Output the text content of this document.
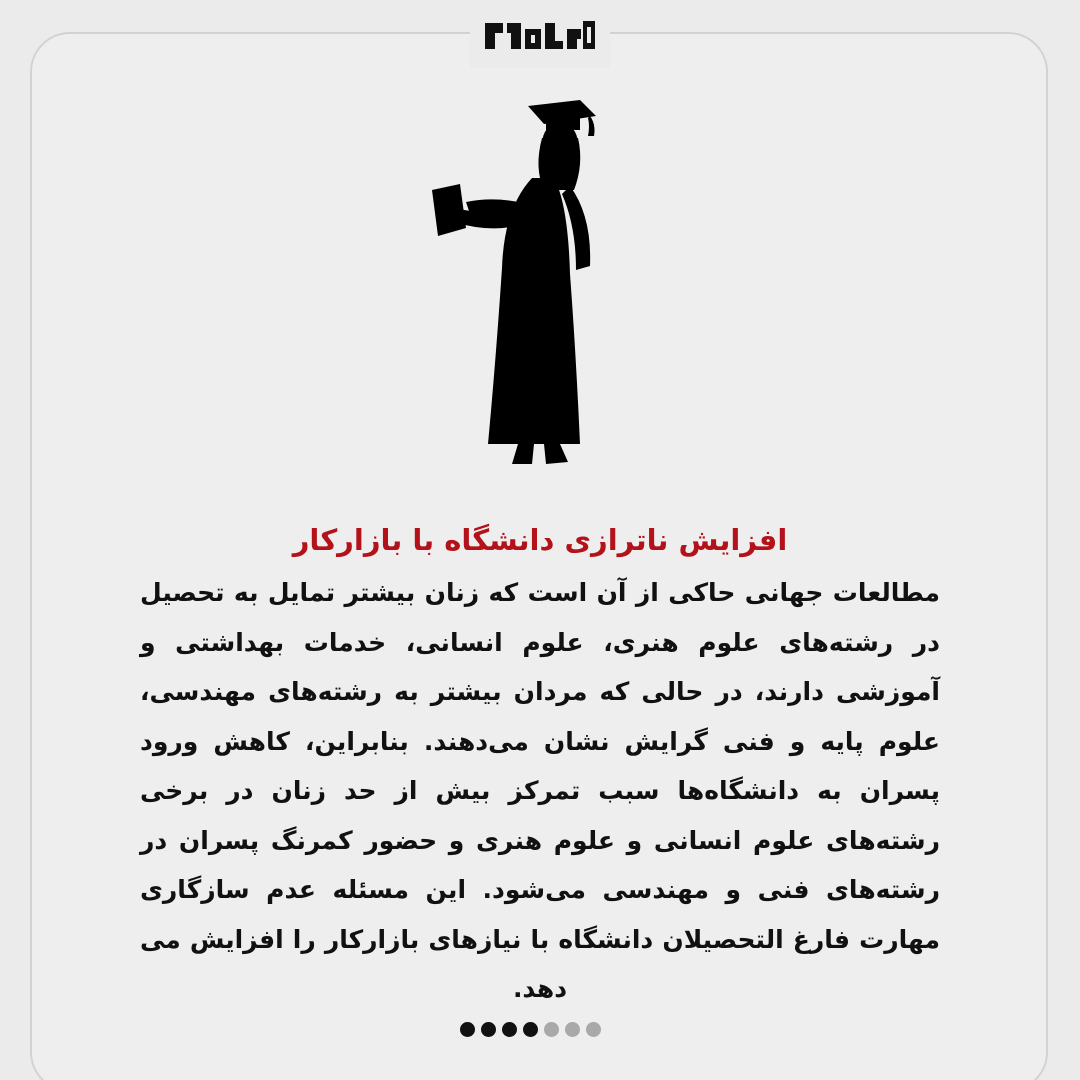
افزایش ناترازی دانشگاه با بازارکار
مطالعات جهانی حاکی از آن است که زنان بیشتر تمایل به تحصیل در رشته‌های علوم هنری، علوم انسانی، خدمات بهداشتی و آموزشی دارند، در حالی که مردان بیشتر به رشته‌های مهندسی، علوم پایه و فنی گرایش نشان می‌دهند. بنابراین، کاهش ورود پسران به دانشگاه‌ها سبب تمرکز بیش از حد زنان در برخی رشته‌های علوم انسانی و علوم هنری و حضور کمرنگ پسران در رشته‌های فنی و مهندسی می‌شود. این مسئله عدم سازگاری مهارت فارغ التحصیلان دانشگاه با نیازهای بازارکار را افزایش می دهد.
